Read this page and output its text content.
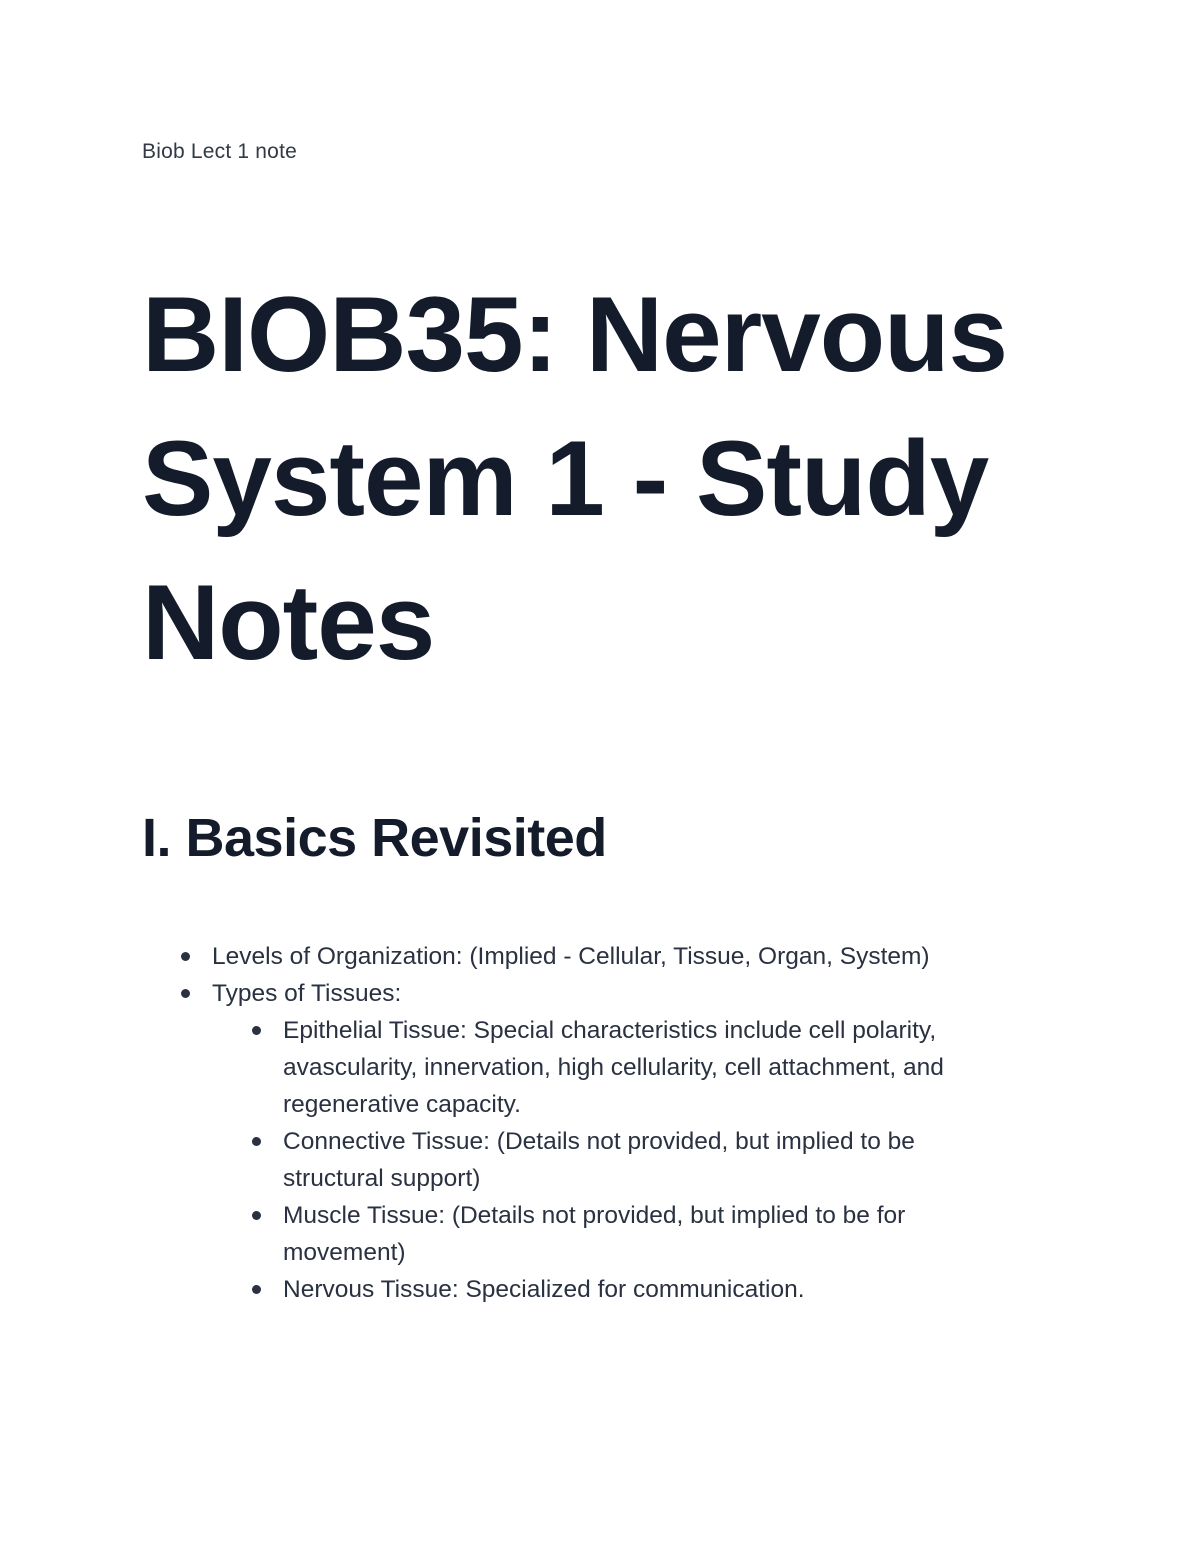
Biob Lect 1 note
BIOB35: Nervous System 1 - Study Notes
I. Basics Revisited
Levels of Organization: (Implied - Cellular, Tissue, Organ, System)
Types of Tissues:
Epithelial Tissue: Special characteristics include cell polarity, avascularity, innervation, high cellularity, cell attachment, and regenerative capacity.
Connective Tissue: (Details not provided, but implied to be structural support)
Muscle Tissue: (Details not provided, but implied to be for movement)
Nervous Tissue: Specialized for communication.
